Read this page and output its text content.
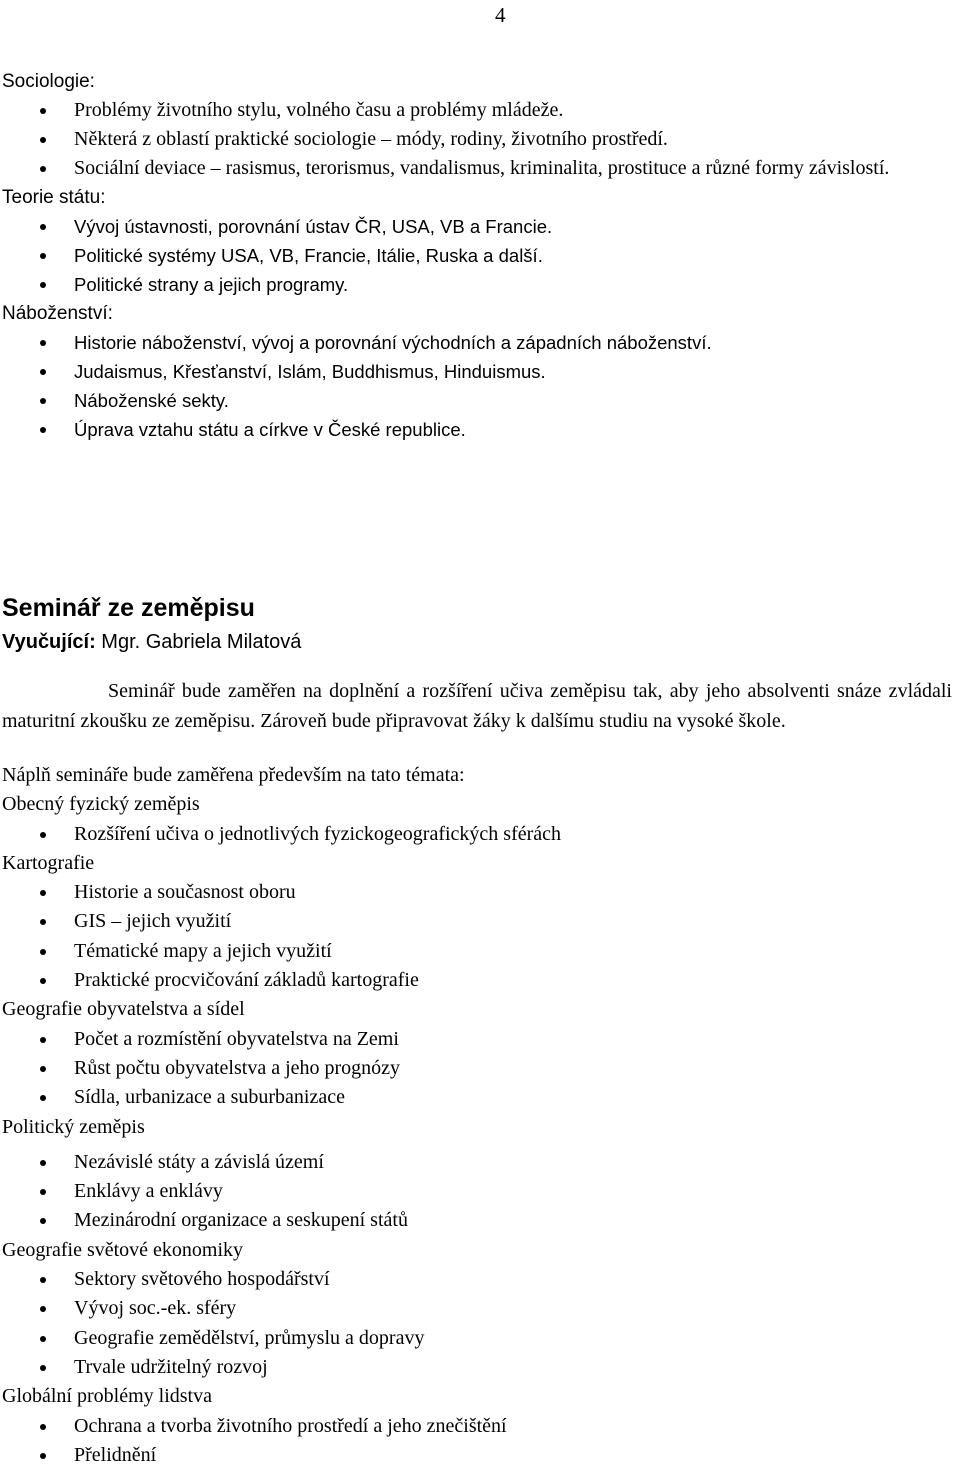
4
Sociologie:
Problémy životního stylu, volného času a problémy mládeže.
Některá z oblastí praktické sociologie – módy, rodiny, životního prostředí.
Sociální deviace – rasismus, terorismus, vandalismus, kriminalita, prostituce a různé formy závislostí.
Teorie státu:
Vývoj ústavnosti, porovnání ústav ČR, USA, VB a Francie.
Politické systémy USA, VB, Francie, Itálie, Ruska a další.
Politické strany a jejich programy.
Náboženství:
Historie náboženství, vývoj a porovnání východních a západních náboženství.
Judaismus, Křesťanství, Islám, Buddhismus, Hinduismus.
Náboženské sekty.
Úprava vztahu státu a církve v České republice.
Seminář ze zeměpisu
Vyučující: Mgr. Gabriela Milatová

Seminář bude zaměřen na doplnění a rozšíření učiva zeměpisu tak, aby jeho absolventi snáze zvládali maturitní zkoušku ze zeměpisu. Zároveň bude připravovat žáky k dalšímu studiu na vysoké škole.

Náplň semináře bude zaměřena především na tato témata:
Obecný fyzický zeměpis
Rozšíření učiva o jednotlivých fyzickogeografických sférách
Kartografie
Historie a současnost oboru
GIS – jejich využití
Tématické mapy a jejich využití
Praktické procvičování základů kartografie
Geografie obyvatelstva a sídel
Počet a rozmístění obyvatelstva na Zemi
Růst počtu obyvatelstva a jeho prognózy
Sídla, urbanizace a suburbanizace
Politický zeměpis
Nezávislé státy a závislá území
Enklávy a enklávy
Mezinárodní organizace a seskupení států
Geografie světové ekonomiky
Sektory světového hospodářství
Vývoj soc.-ek. sféry
Geografie zemědělství, průmyslu a dopravy
Trvale udržitelný rozvoj
Globální problémy lidstva
Ochrana a tvorba životního prostředí a jeho znečištění
Přelidnění
